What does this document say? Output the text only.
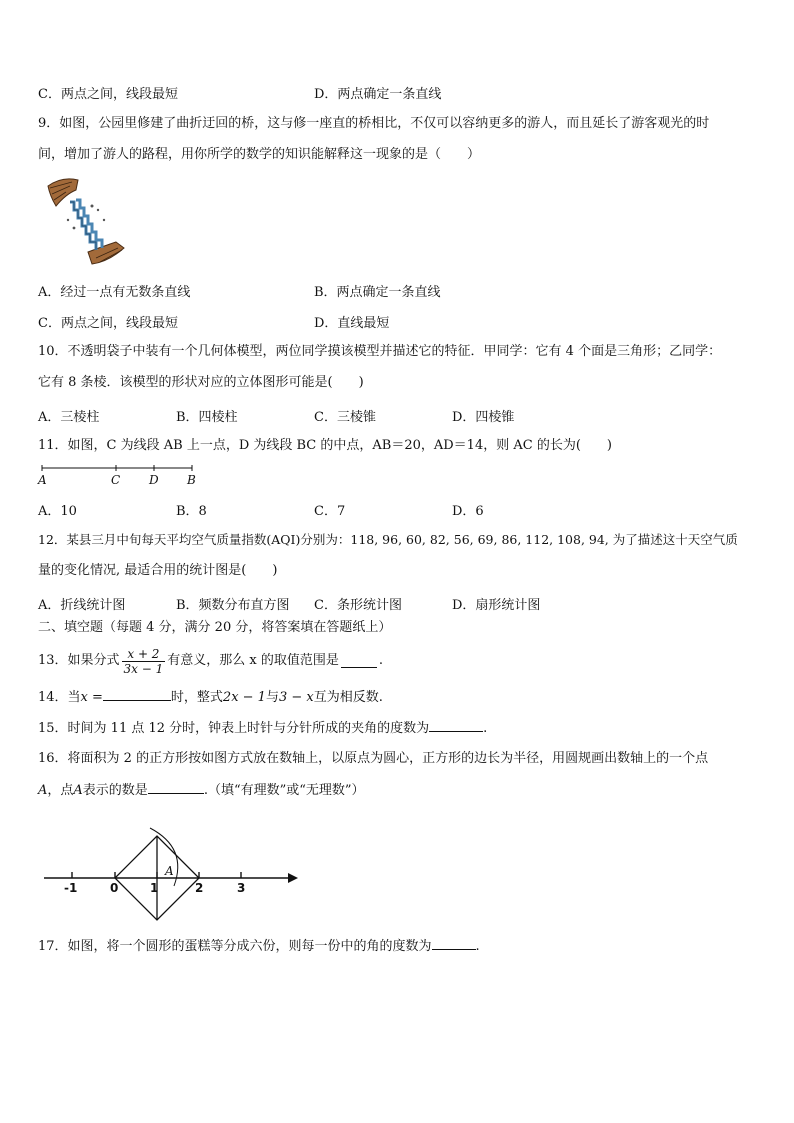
C．两点之间，线段最短	D．两点确定一条直线
9．如图，公园里修建了曲折迂回的桥，这与修一座直的桥相比，不仅可以容纳更多的游人，而且延长了游客观光的时
间，增加了游人的路程，用你所学的数学的知识能解释这一现象的是（　　）
A．经过一点有无数条直线	B．两点确定一条直线
C．两点之间，线段最短	D．直线最短
10．不透明袋子中装有一个几何体模型，两位同学摸该模型并描述它的特征．甲同学：它有 4 个面是三角形；乙同学：
它有 8 条棱．该模型的形状对应的立体图形可能是(　　)
A．三棱柱	B．四棱柱	C．三棱锥	D．四棱锥
11．如图，C 为线段 AB 上一点，D 为线段 BC 的中点，AB＝20，AD＝14，则 AC 的长为(　　)
A	C D B
A．10	B．8	C．7	D．6
12．某县三月中旬每天平均空气质量指数(AQI)分别为：118, 96, 60, 82, 56, 69, 86, 112, 108, 94, 为了描述这十天空气质
量的变化情况, 最适合用的统计图是(　　)
A．折线统计图	B．频数分布直方图 C．条形统计图	D．扇形统计图
二、填空题（每题 4 分，满分 20 分，将答案填在答题纸上）
13．如果分式 $\frac{x + 2}{3x - 1}$ 有意义，那么 x 的取值范围是	.
14．当x =	时，整式2x − 1与3 − x互为相反数.
15．时间为 11 点 12 分时，钟表上时针与分针所成的夹角的度数为	.
16．将面积为 2 的正方形按如图方式放在数轴上，以原点为圆心，正方形的边长为半径，用圆规画出数轴上的一个点
A，点A表示的数是	.（填“有理数”或“无理数”）
-1	0	1	2	3
A
17．如图，将一个圆形的蛋糕等分成六份，则每一份中的角的度数为	.
